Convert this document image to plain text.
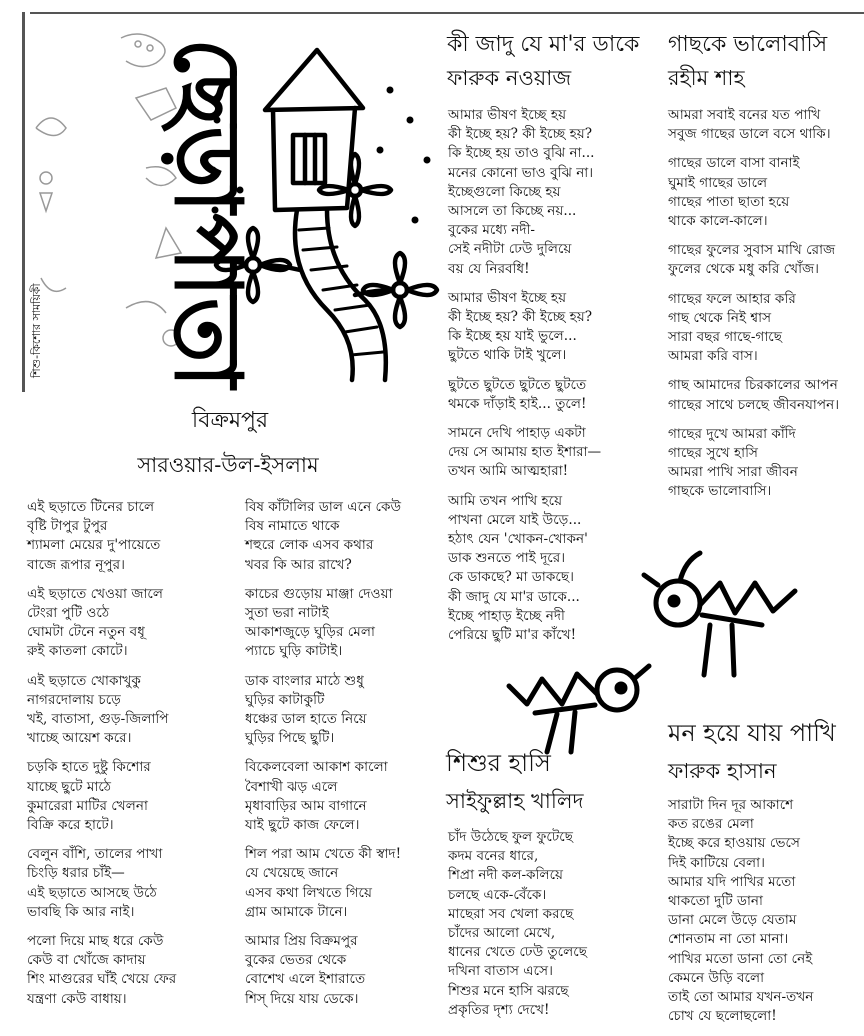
ছেড়াপাতা
শিশু-কিশোর সাময়িকী
বিক্রমপুর
সারওয়ার-উল-ইসলাম
এই ছড়াতে টিনের চালে
বৃষ্টি টাপুর টুপুর
শ্যামলা মেয়ের দু'পায়েতে
বাজে রূপার নূপুর।
এই ছড়াতে খেওয়া জালে
টেংরা পুটি ওঠে
ঘোমটা টেনে নতুন বধূ
রুই কাতলা কোটে।
এই ছড়াতে খোকাখুকু
নাগরদোলায় চড়ে
খই, বাতাসা, গুড়-জিলাপি
খাচ্ছে আয়েশ করে।
চড়কি হাতে দুষ্টু কিশোর
যাচ্ছে ছুটে মাঠে
কুমারেরা মাটির খেলনা
বিক্রি করে হাটে।
বেলুন বাঁশি, তালের পাখা
চিংড়ি ধরার চাঁই—
এই ছড়াতে আসছে উঠে
ভাবছি কি আর নাই।
পলো দিয়ে মাছ ধরে কেউ
কেউ বা খোঁজে কাদায়
শিং মাগুরের ঘাঁই খেয়ে ফের
যন্ত্রণা কেউ বাধায়।
বিষ কাঁটালির ডাল এনে কেউ
বিষ নামাতে থাকে
শহুরে লোক এসব কথার
খবর কি আর রাখে?
কাচের গুড়োয় মাঞ্জা দেওয়া
সুতা ভরা নাটাই
আকাশজুড়ে ঘুড়ির মেলা
প্যাচে ঘুড়ি কাটাই।
ডাক বাংলার মাঠে শুধু
ঘুড়ির কাটাকুটি
ধঞ্চের ডাল হাতে নিয়ে
ঘুড়ির পিছে ছুটি।
বিকেলবেলা আকাশ কালো
বৈশাখী ঝড় এলে
মৃধাবাড়ির আম বাগানে
যাই ছুটে কাজ ফেলে।
শিল পরা আম খেতে কী স্বাদ!
যে খেয়েছে জানে
এসব কথা লিখতে গিয়ে
গ্রাম আমাকে টানে।
আমার প্রিয় বিক্রমপুর
বুকের ভেতর থেকে
বোশেখ এলে ইশারাতে
শিস্ দিয়ে যায় ডেকে।
কী জাদু যে মা'র ডাকে
ফারুক নওয়াজ
আমার ভীষণ ইচ্ছে হয়
কী ইচ্ছে হয়? কী ইচ্ছে হয়?
কি ইচ্ছে হয় তাও বুঝি না...
মনের কোনো ভাও বুঝি না।
ইচ্ছেগুলো কিচ্ছে হয়
আসলে তা কিচ্ছে নয়...
বুকের মধ্যে নদী-
সেই নদীটা ঢেউ দুলিয়ে
বয় যে নিরবধি!
আমার ভীষণ ইচ্ছে হয়
কী ইচ্ছে হয়? কী ইচ্ছে হয়?
কি ইচ্ছে হয় যাই ভুলে...
ছুটতে থাকি টাই খুলে।
ছুটতে ছুটতে ছুটতে ছুটতে
থমকে দাঁড়াই হাই... তুলে!
সামনে দেখি পাহাড় একটা
দেয় সে আমায় হাত ইশারা—
তখন আমি আত্মহারা!
আমি তখন পাখি হয়ে
পাখনা মেলে যাই উড়ে...
হঠাৎ যেন 'খোকন-খোকন'
ডাক শুনতে পাই দূরে।
কে ডাকছে? মা ডাকছে।
কী জাদু যে মা'র ডাকে...
ইচ্ছে পাহাড় ইচ্ছে নদী
পেরিয়ে ছুটি মা'র কাঁখে!
গাছকে ভালোবাসি
রহীম শাহ
আমরা সবাই বনের যত পাখি
সবুজ গাছের ডালে বসে থাকি।
গাছের ডালে বাসা বানাই
ঘুমাই গাছের ডালে
গাছের পাতা ছাতা হয়ে
থাকে কালে-কালে।
গাছের ফুলের সুবাস মাখি রোজ
ফুলের থেকে মধু করি খোঁজ।
গাছের ফলে আহার করি
গাছ থেকে নিই শ্বাস
সারা বছর গাছে-গাছে
আমরা করি বাস।
গাছ আমাদের চিরকালের আপন
গাছের সাথে চলছে জীবনযাপন।
গাছের দুখে আমরা কাঁদি
গাছের সুখে হাসি
আমরা পাখি সারা জীবন
গাছকে ভালোবাসি।
শিশুর হাসি
সাইফুল্লাহ খালিদ
চাঁদ উঠেছে ফুল ফুটেছে
কদম বনের ধারে,
শিপ্রা নদী কল-কলিয়ে
চলছে একে-বেঁকে।
মাছেরা সব খেলা করছে
চাঁদের আলো মেখে,
ধানের খেতে ঢেউ তুলেছে
দখিনা বাতাস এসে।
শিশুর মনে হাসি ঝরছে
প্রকৃতির দৃশ্য দেখে!
মন হয়ে যায় পাখি
ফারুক হাসান
সারাটা দিন দূর আকাশে
কত রঙের মেলা
ইচ্ছে করে হাওয়ায় ভেসে
দিই কাটিয়ে বেলা।
আমার যদি পাখির মতো
থাকতো দুটি ডানা
ডানা মেলে উড়ে যেতাম
শোনতাম না তো মানা।
পাখির মতো ডানা তো নেই
কেমনে উড়ি বলো
তাই তো আমার যখন-তখন
চোখ যে ছলোছলো!
